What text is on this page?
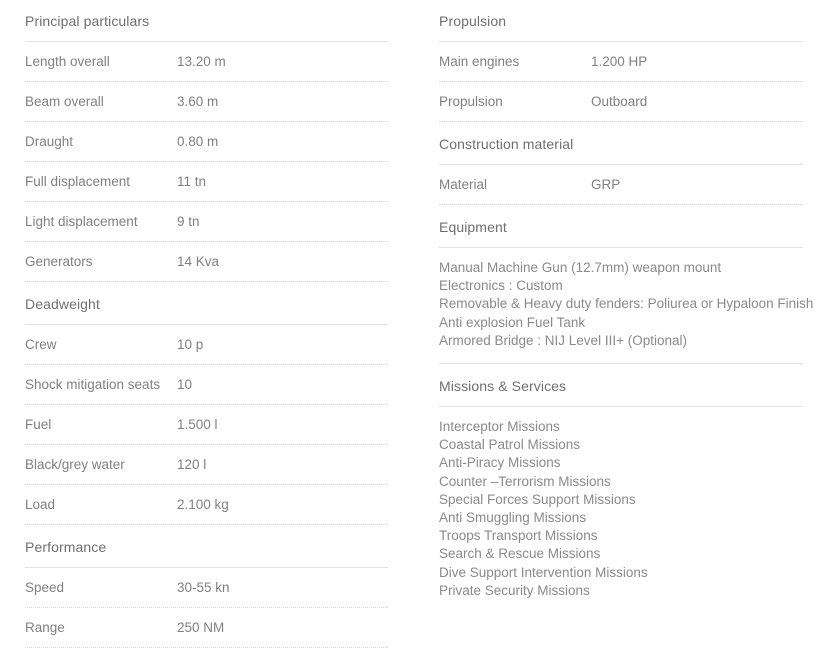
Principal particulars
Length overall	13.20 m
Beam overall	3.60 m
Draught	0.80 m
Full displacement	11 tn
Light displacement	9 tn
Generators	14 Kva
Deadweight
Crew	10 p
Shock mitigation seats	10
Fuel	1.500 l
Black/grey water	120 l
Load	2.100 kg
Performance
Speed	30-55 kn
Range	250 NM
Propulsion
Main engines	1.200 HP
Propulsion	Outboard
Construction material
Material	GRP
Equipment
Manual Machine Gun (12.7mm) weapon mount
Electronics : Custom
Removable & Heavy duty fenders: Poliurea or Hypaloon Finish
Anti explosion Fuel Tank
Armored Bridge : NIJ Level III+ (Optional)
Missions & Services
Interceptor Missions
Coastal Patrol Missions
Anti-Piracy Missions
Counter –Terrorism Missions
Special Forces Support Missions
Anti Smuggling Missions
Troops Transport Missions
Search & Rescue Missions
Dive Support Intervention Missions
Private Security Missions
